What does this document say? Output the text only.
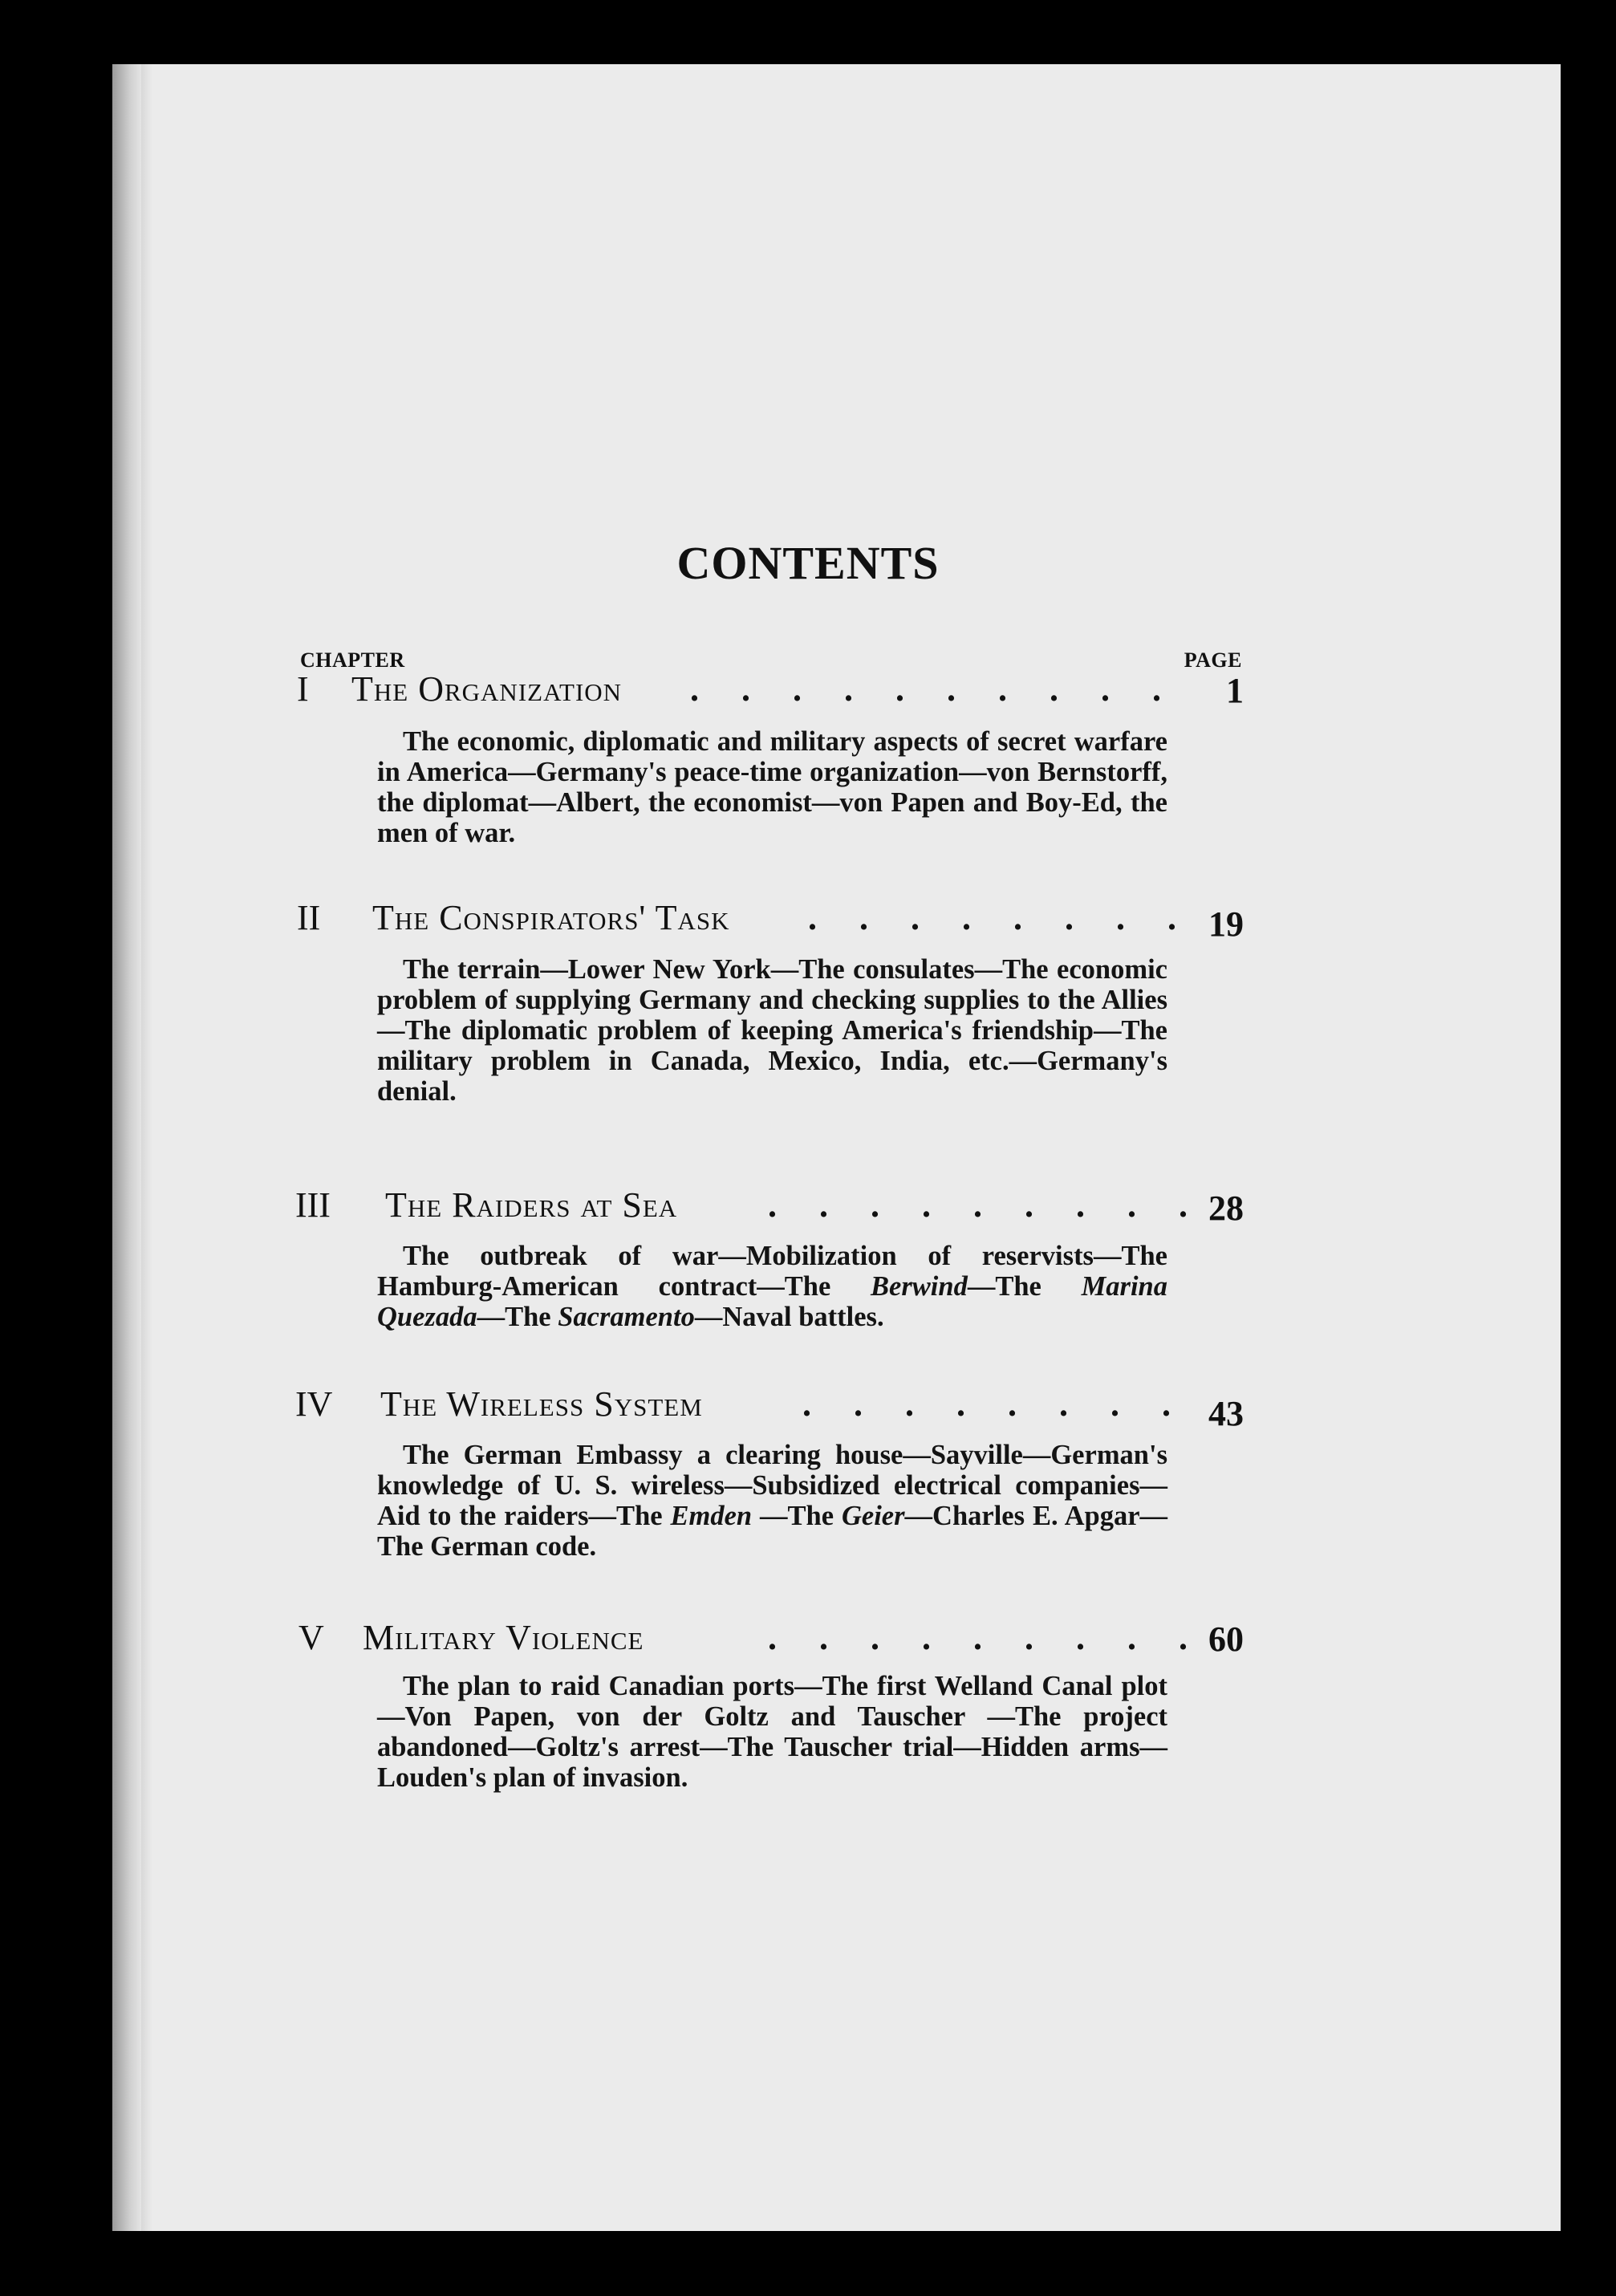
CONTENTS
CHAPTER	PAGE
I The Organization . . . . . . . . . . 1
The economic, diplomatic and military aspects of secret warfare in America—Germany's peace-time organization—von Bernstorff, the diplomat—Albert, the economist—von Papen and Boy-Ed, the men of war.
II The Conspirators' Task . . . . . . . . 19
The terrain—Lower New York—The consulates—The economic problem of supplying Germany and checking supplies to the Allies—The diplomatic problem of keeping America's friendship—The military problem in Canada, Mexico, India, etc.—Germany's denial.
III The Raiders at Sea	. . . . . . . . . 28
The outbreak of war—Mobilization of reservists—The Hamburg-American contract—The Berwind—The Marina Quezada—The Sacramento—Naval battles.
IV The Wireless System	. . . . . . . . 43
The German Embassy a clearing house—Sayville—German's knowledge of U. S. wireless—Subsidized electrical companies—Aid to the raiders—The Emden —The Geier—Charles E. Apgar—The German code.
V Military Violence	. . . . . . . . . 60
The plan to raid Canadian ports—The first Welland Canal plot—Von Papen, von der Goltz and Tauscher —The project abandoned—Goltz's arrest—The Tauscher trial—Hidden arms—Louden's plan of invasion.
